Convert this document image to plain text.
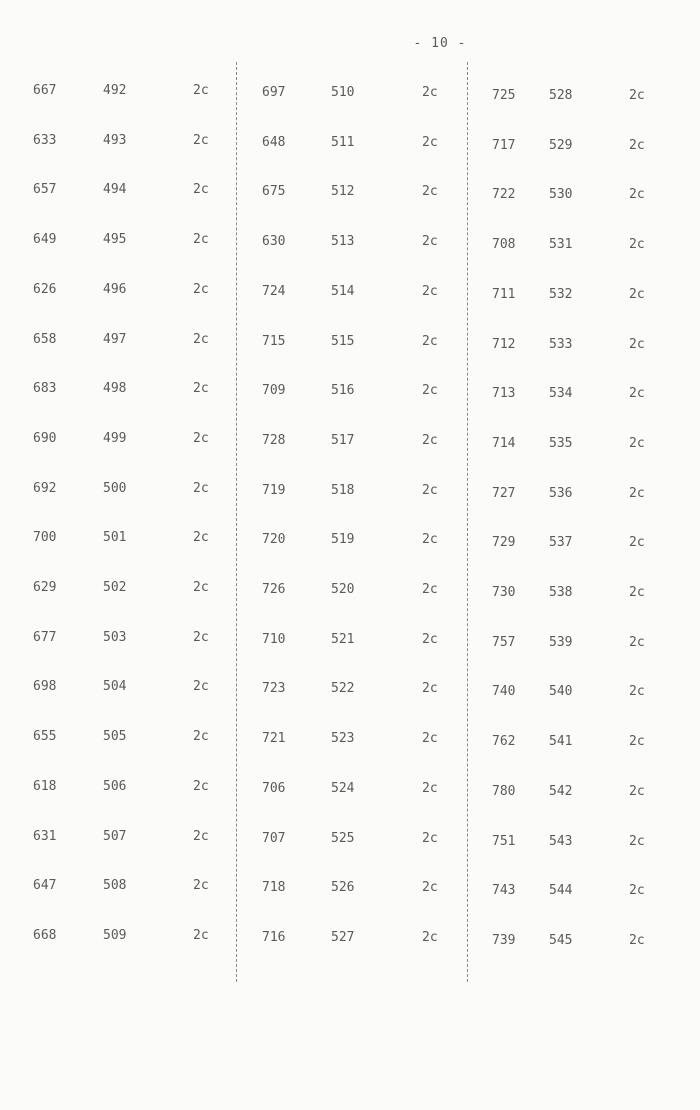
- 10 -
667	492	2c
633	493	2c
657	494	2c
649	495	2c
626	496	2c
658	497	2c
683	498	2c
690	499	2c
692	500	2c
700	501	2c
629	502	2c
677	503	2c
698	504	2c
655	505	2c
618	506	2c
631	507	2c
647	508	2c
668	509	2c
697	510	2c
648	511	2c
675	512	2c
630	513	2c
724	514	2c
715	515	2c
709	516	2c
728	517	2c
719	518	2c
720	519	2c
726	520	2c
710	521	2c
723	522	2c
721	523	2c
706	524	2c
707	525	2c
718	526	2c
716	527	2c
725	528	2c
717	529	2c
722	530	2c
708	531	2c
711	532	2c
712	533	2c
713	534	2c
714	535	2c
727	536	2c
729	537	2c
730	538	2c
757	539	2c
740	540	2c
762	541	2c
780	542	2c
751	543	2c
743	544	2c
739	545	2c
